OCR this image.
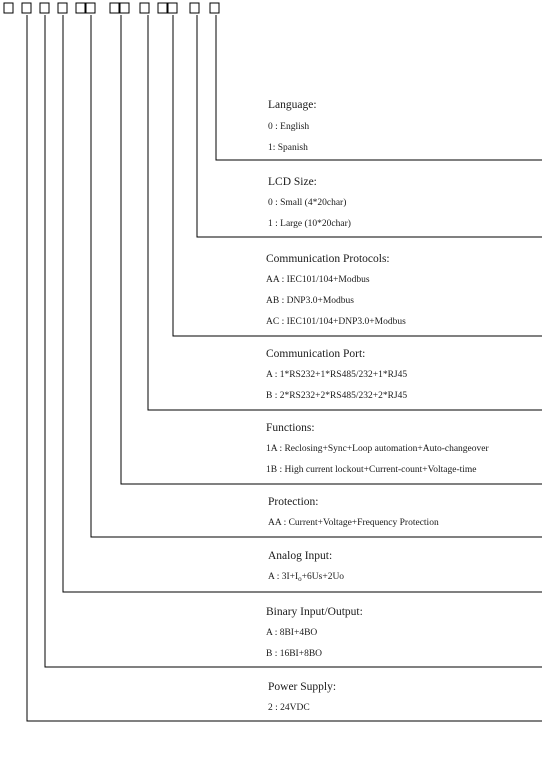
Language:
0 : English
1: Spanish
LCD Size:
0 : Small (4*20char)
1 : Large (10*20char)
Communication Protocols:
AA : IEC101/104+Modbus
AB : DNP3.0+Modbus
AC : IEC101/104+DNP3.0+Modbus
Communication Port:
A : 1*RS232+1*RS485/232+1*RJ45
B : 2*RS232+2*RS485/232+2*RJ45
Functions:
1A : Reclosing+Sync+Loop automation+Auto-changeover
1B : High current lockout+Current-count+Voltage-time
Protection:
AA : Current+Voltage+Frequency Protection
Analog Input:
A : $3I+I_o+6Us+2Uo$
Binary Input/Output:
A : 8BI+4BO
B : 16BI+8BO
Power Supply:
2 : 24VDC
